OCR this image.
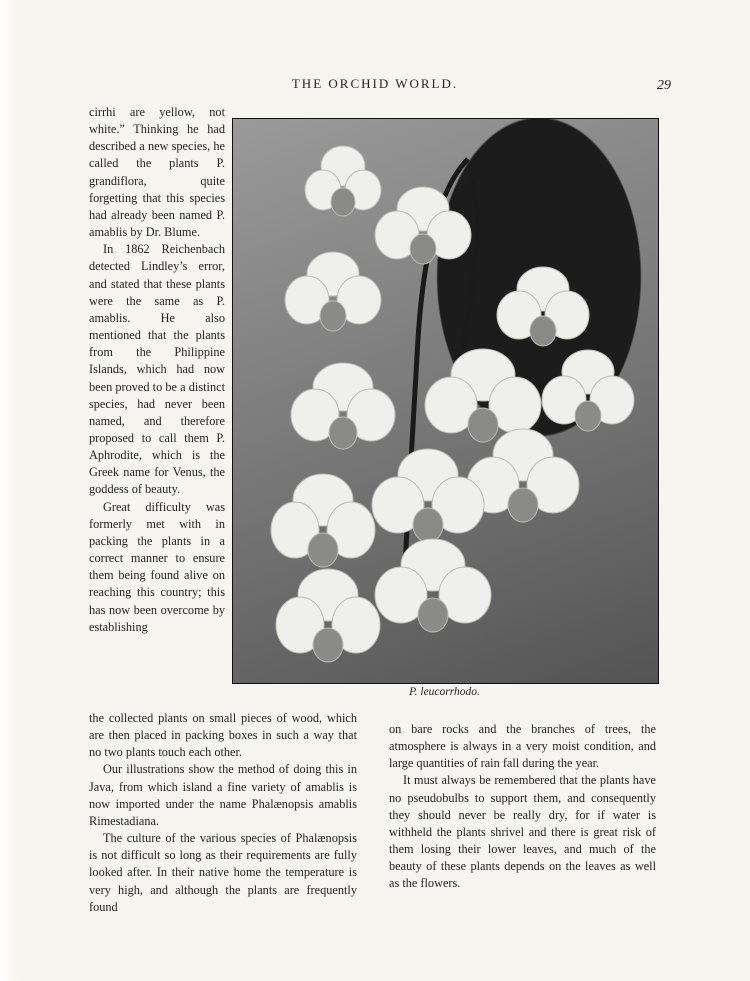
THE ORCHID WORLD.	29

cirrhi are yellow, not white.” Thinking he had described a new species, he called the plants P. grandiflora, quite forgetting that this species had already been named P. amablis by Dr. Blume.

In 1862 Reichenbach detected Lindley’s error, and stated that these plants were the same as P. amablis. He also mentioned that the plants from the Philippine Islands, which had now been proved to be a distinct species, had never been named, and therefore proposed to call them P. Aphrodite, which is the Greek name for Venus, the goddess of beauty.

Great difficulty was formerly met with in packing the plants in a correct manner to ensure them being found alive on reaching this country; this has now been overcome by establishing

P. leucorrhodo.

the collected plants on small pieces of wood, which are then placed in packing boxes in such a way that no two plants touch each other.

Our illustrations show the method of doing this in Java, from which island a fine variety of amablis is now imported under the name Phalænopsis amablis Rimestadiana.

The culture of the various species of Phalænopsis is not difficult so long as their requirements are fully looked after. In their native home the temperature is very high, and although the plants are frequently found

on bare rocks and the branches of trees, the atmosphere is always in a very moist condition, and large quantities of rain fall during the year.

It must always be remembered that the plants have no pseudobulbs to support them, and consequently they should never be really dry, for if water is withheld the plants shrivel and there is great risk of them losing their lower leaves, and much of the beauty of these plants depends on the leaves as well as the flowers.
